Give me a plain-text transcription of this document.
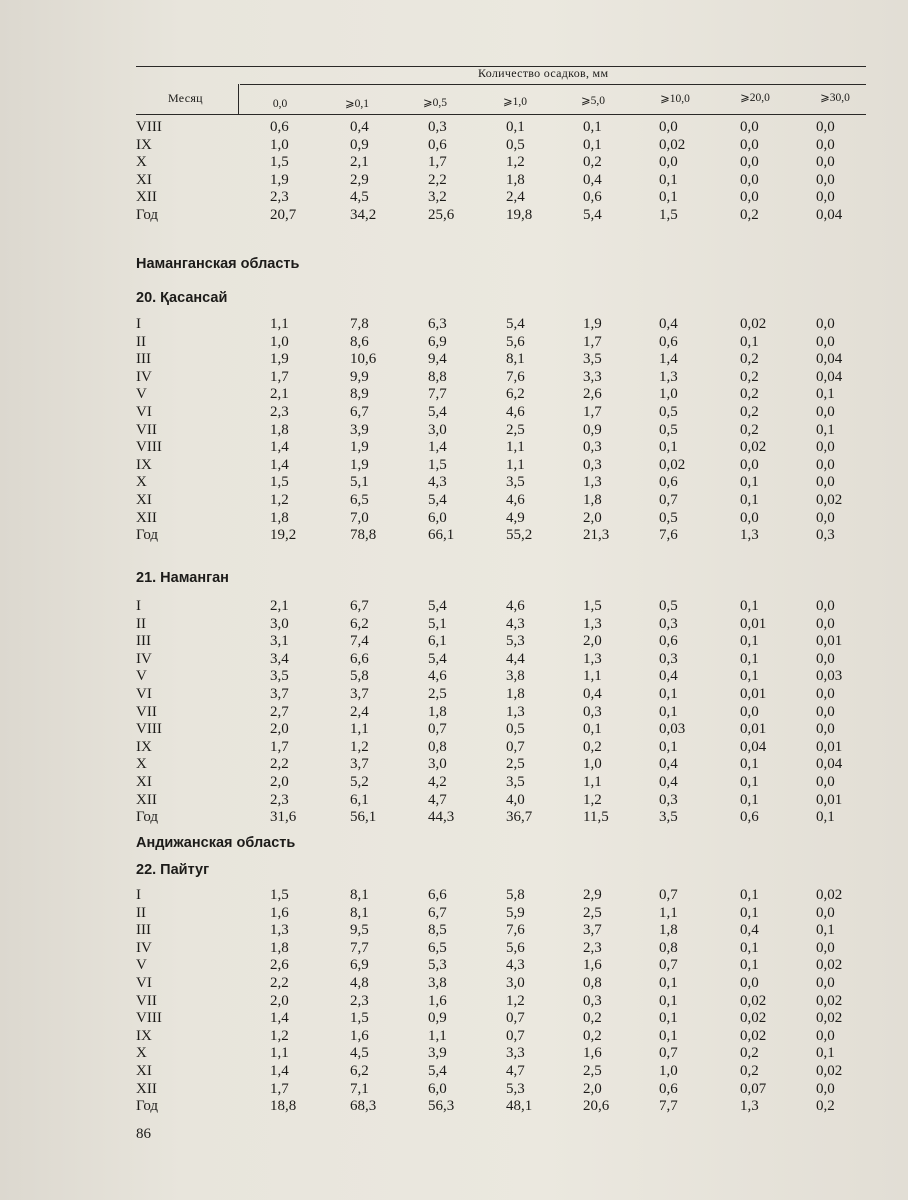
Месяц
Количество осадков, мм
0,0	⩾0,1	⩾0,5	⩾1,0	⩾5,0	⩾10,0	⩾20,0	⩾30,0
VIII	0,6	0,4	0,3	0,1	0,1	0,0	0,0	0,0
IX	1,0	0,9	0,6	0,5	0,1	0,02	0,0	0,0
X	1,5	2,1	1,7	1,2	0,2	0,0	0,0	0,0
XI	1,9	2,9	2,2	1,8	0,4	0,1	0,0	0,0
XII	2,3	4,5	3,2	2,4	0,6	0,1	0,0	0,0
Год	20,7	34,2	25,6	19,8	5,4	1,5	0,2	0,04
Наманганская область
20. Қасансай
I	1,1	7,8	6,3	5,4	1,9	0,4	0,02	0,0
II	1,0	8,6	6,9	5,6	1,7	0,6	0,1	0,0
III	1,9	10,6	9,4	8,1	3,5	1,4	0,2	0,04
IV	1,7	9,9	8,8	7,6	3,3	1,3	0,2	0,04
V	2,1	8,9	7,7	6,2	2,6	1,0	0,2	0,1
VI	2,3	6,7	5,4	4,6	1,7	0,5	0,2	0,0
VII	1,8	3,9	3,0	2,5	0,9	0,5	0,2	0,1
VIII	1,4	1,9	1,4	1,1	0,3	0,1	0,02	0,0
IX	1,4	1,9	1,5	1,1	0,3	0,02	0,0	0,0
X	1,5	5,1	4,3	3,5	1,3	0,6	0,1	0,0
XI	1,2	6,5	5,4	4,6	1,8	0,7	0,1	0,02
XII	1,8	7,0	6,0	4,9	2,0	0,5	0,0	0,0
Год	19,2	78,8	66,1	55,2	21,3	7,6	1,3	0,3
21. Наманган
I	2,1	6,7	5,4	4,6	1,5	0,5	0,1	0,0
II	3,0	6,2	5,1	4,3	1,3	0,3	0,01	0,0
III	3,1	7,4	6,1	5,3	2,0	0,6	0,1	0,01
IV	3,4	6,6	5,4	4,4	1,3	0,3	0,1	0,0
V	3,5	5,8	4,6	3,8	1,1	0,4	0,1	0,03
VI	3,7	3,7	2,5	1,8	0,4	0,1	0,01	0,0
VII	2,7	2,4	1,8	1,3	0,3	0,1	0,0	0,0
VIII	2,0	1,1	0,7	0,5	0,1	0,03	0,01	0,0
IX	1,7	1,2	0,8	0,7	0,2	0,1	0,04	0,01
X	2,2	3,7	3,0	2,5	1,0	0,4	0,1	0,04
XI	2,0	5,2	4,2	3,5	1,1	0,4	0,1	0,0
XII	2,3	6,1	4,7	4,0	1,2	0,3	0,1	0,01
Год	31,6	56,1	44,3	36,7	11,5	3,5	0,6	0,1
Андижанская область
22. Пайтуг
I	1,5	8,1	6,6	5,8	2,9	0,7	0,1	0,02
II	1,6	8,1	6,7	5,9	2,5	1,1	0,1	0,0
III	1,3	9,5	8,5	7,6	3,7	1,8	0,4	0,1
IV	1,8	7,7	6,5	5,6	2,3	0,8	0,1	0,0
V	2,6	6,9	5,3	4,3	1,6	0,7	0,1	0,02
VI	2,2	4,8	3,8	3,0	0,8	0,1	0,0	0,0
VII	2,0	2,3	1,6	1,2	0,3	0,1	0,02	0,02
VIII	1,4	1,5	0,9	0,7	0,2	0,1	0,02	0,02
IX	1,2	1,6	1,1	0,7	0,2	0,1	0,02	0,0
X	1,1	4,5	3,9	3,3	1,6	0,7	0,2	0,1
XI	1,4	6,2	5,4	4,7	2,5	1,0	0,2	0,02
XII	1,7	7,1	6,0	5,3	2,0	0,6	0,07	0,0
Год	18,8	68,3	56,3	48,1	20,6	7,7	1,3	0,2
86
